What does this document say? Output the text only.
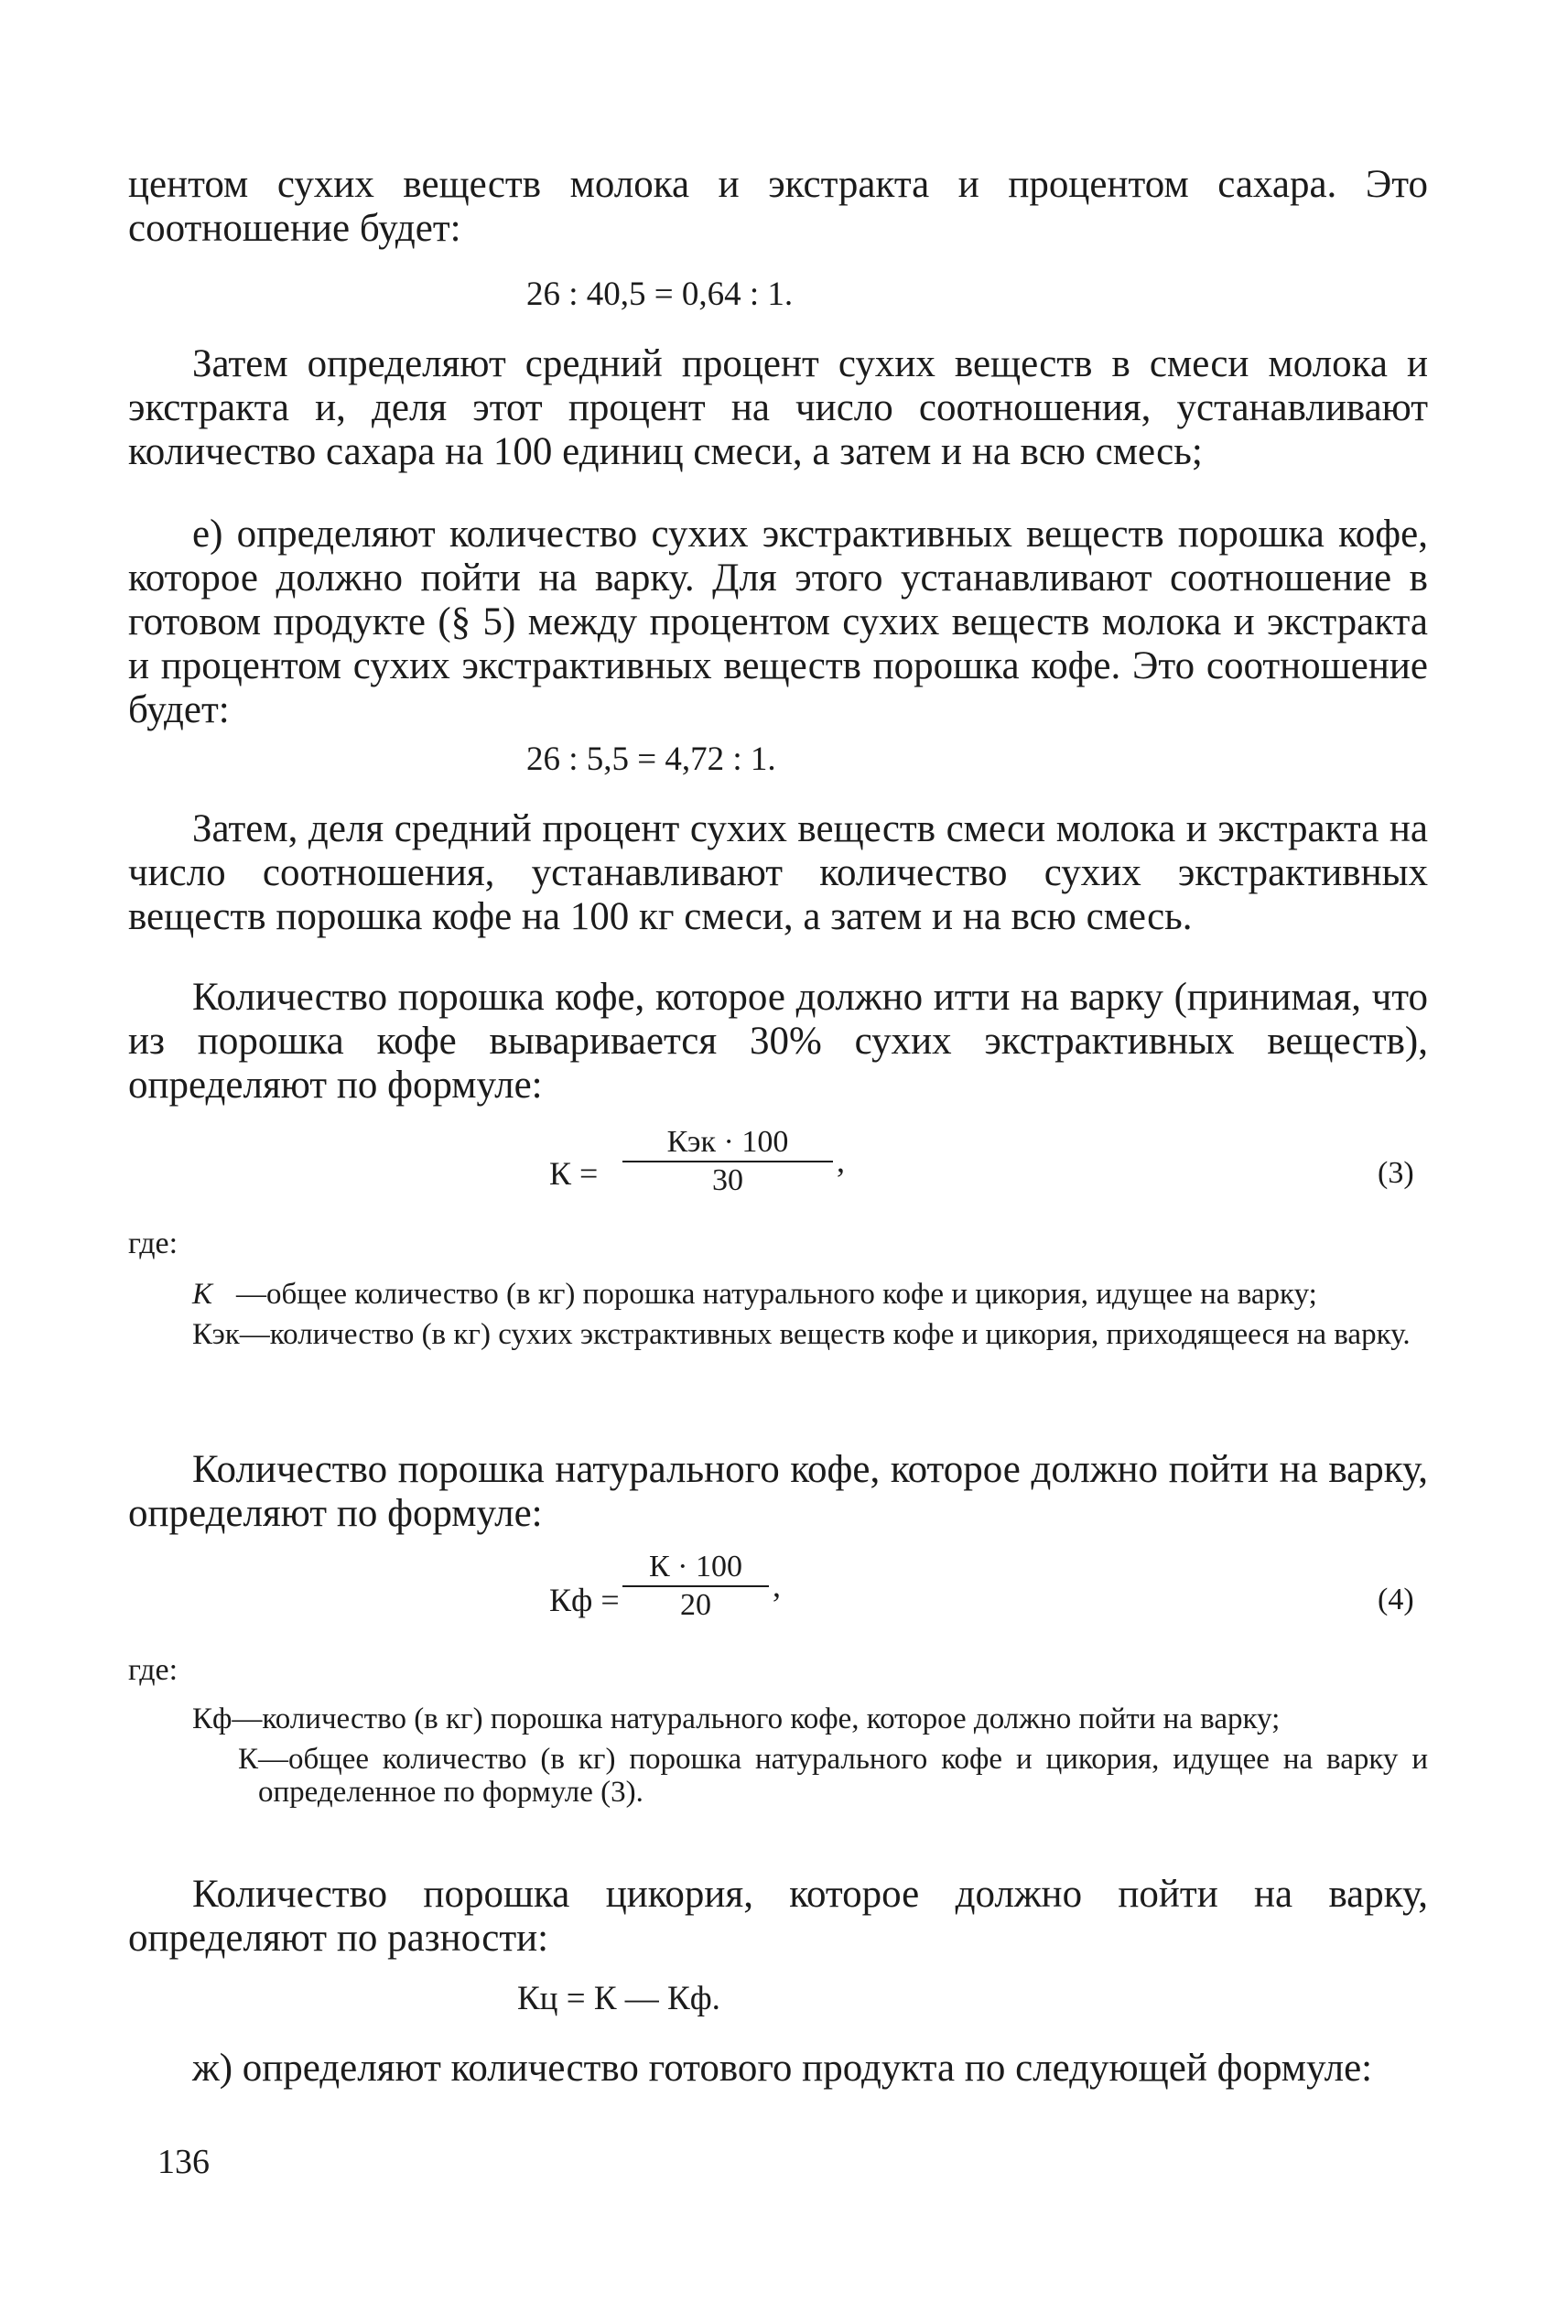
центом сухих веществ молока и экстракта и процентом сахара. Это соотношение будет:

26 : 40,5 = 0,64 : 1.

Затем определяют средний процент сухих веществ в смеси молока и экстракта и, деля этот процент на число соотношения, устанавливают количество сахара на 100 единиц смеси, а затем и на всю смесь;

е) определяют количество сухих экстрактивных веществ порошка кофе, которое должно пойти на варку. Для этого устанавливают соотношение в готовом продукте (§ 5) между процентом сухих веществ молока и экстракта и процентом сухих экстрактивных веществ порошка кофе. Это соотношение будет:

26 : 5,5 = 4,72 : 1.

Затем, деля средний процент сухих веществ смеси молока и экстракта на число соотношения, устанавливают количество сухих экстрактивных веществ порошка кофе на 100 кг смеси, а затем и на всю смесь.

Количество порошка кофе, которое должно итти на варку (принимая, что из порошка кофе вываривается 30% сухих экстрактивных веществ), определяют по формуле:

К =
Кэк · 100
30
,	(3)
где:
К —общее количество (в кг) порошка натурального кофе и цикория, идущее на варку;
Кэк —количество (в кг) сухих экстрактивных веществ кофе и цикория, приходящееся на варку.

Количество порошка натурального кофе, которое должно пойти на варку, определяют по формуле:

Кф =
К · 100
20
,	(4)
где:
Кф —количество (в кг) порошка натурального кофе, которое должно пойти на варку;
К —общее количество (в кг) порошка натурального кофе и цикория, идущее на варку и определенное по формуле (3).

Количество порошка цикория, которое должно пойти на варку, определяют по разности:

Кц = К — Кф.

ж) определяют количество готового продукта по следующей формуле:

136
